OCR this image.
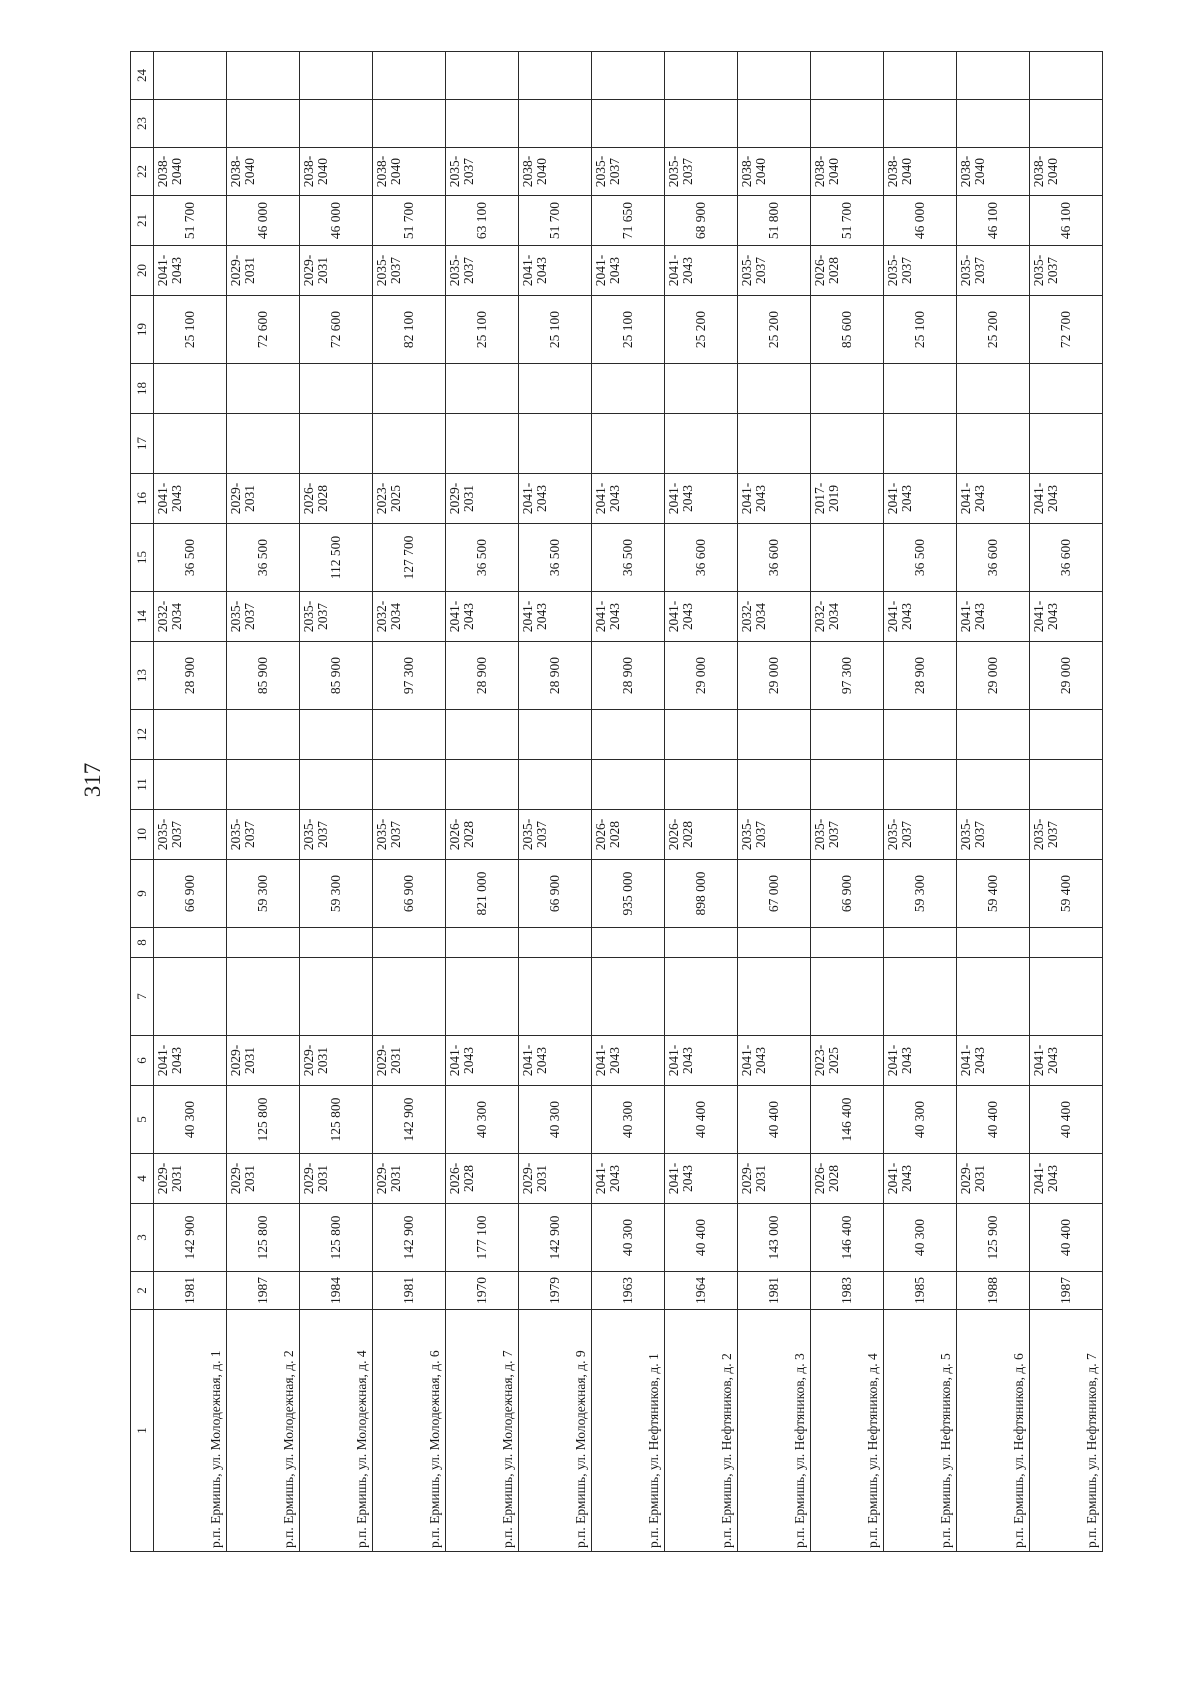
317
1	2	3	4	5	6	7	8	9	10	11	12	13	14	15	16	17	18	19	20	21	22	23	24
р.п. Ермишь, ул. Молодежная, д. 1	1981	142 900	2029-2031	40 300	2041-2043			66 900	2035-2037			28 900	2032-2034	36 500	2041-2043			25 100	2041-2043	51 700	2038-2040		
р.п. Ермишь, ул. Молодежная, д. 2	1987	125 800	2029-2031	125 800	2029-2031			59 300	2035-2037			85 900	2035-2037	36 500	2029-2031			72 600	2029-2031	46 000	2038-2040		
р.п. Ермишь, ул. Молодежная, д. 4	1984	125 800	2029-2031	125 800	2029-2031			59 300	2035-2037			85 900	2035-2037	112 500	2026-2028			72 600	2029-2031	46 000	2038-2040		
р.п. Ермишь, ул. Молодежная, д. 6	1981	142 900	2029-2031	142 900	2029-2031			66 900	2035-2037			97 300	2032-2034	127 700	2023-2025			82 100	2035-2037	51 700	2038-2040		
р.п. Ермишь, ул. Молодежная, д. 7	1970	177 100	2026-2028	40 300	2041-2043			821 000	2026-2028			28 900	2041-2043	36 500	2029-2031			25 100	2035-2037	63 100	2035-2037		
р.п. Ермишь, ул. Молодежная, д. 9	1979	142 900	2029-2031	40 300	2041-2043			66 900	2035-2037			28 900	2041-2043	36 500	2041-2043			25 100	2041-2043	51 700	2038-2040		
р.п. Ермишь, ул. Нефтяников, д. 1	1963	40 300	2041-2043	40 300	2041-2043			935 000	2026-2028			28 900	2041-2043	36 500	2041-2043			25 100	2041-2043	71 650	2035-2037		
р.п. Ермишь, ул. Нефтяников, д. 2	1964	40 400	2041-2043	40 400	2041-2043			898 000	2026-2028			29 000	2041-2043	36 600	2041-2043			25 200	2041-2043	68 900	2035-2037		
р.п. Ермишь, ул. Нефтяников, д. 3	1981	143 000	2029-2031	40 400	2041-2043			67 000	2035-2037			29 000	2032-2034	36 600	2041-2043			25 200	2035-2037	51 800	2038-2040		
р.п. Ермишь, ул. Нефтяников, д. 4	1983	146 400	2026-2028	146 400	2023-2025			66 900	2035-2037			97 300	2032-2034		2017-2019			85 600	2026-2028	51 700	2038-2040		
р.п. Ермишь, ул. Нефтяников, д. 5	1985	40 300	2041-2043	40 300	2041-2043			59 300	2035-2037			28 900	2041-2043	36 500	2041-2043			25 100	2035-2037	46 000	2038-2040		
р.п. Ермишь, ул. Нефтяников, д. 6	1988	125 900	2029-2031	40 400	2041-2043			59 400	2035-2037			29 000	2041-2043	36 600	2041-2043			25 200	2035-2037	46 100	2038-2040		
р.п. Ермишь, ул. Нефтяников, д. 7	1987	40 400	2041-2043	40 400	2041-2043			59 400	2035-2037			29 000	2041-2043	36 600	2041-2043			72 700	2035-2037	46 100	2038-2040		
